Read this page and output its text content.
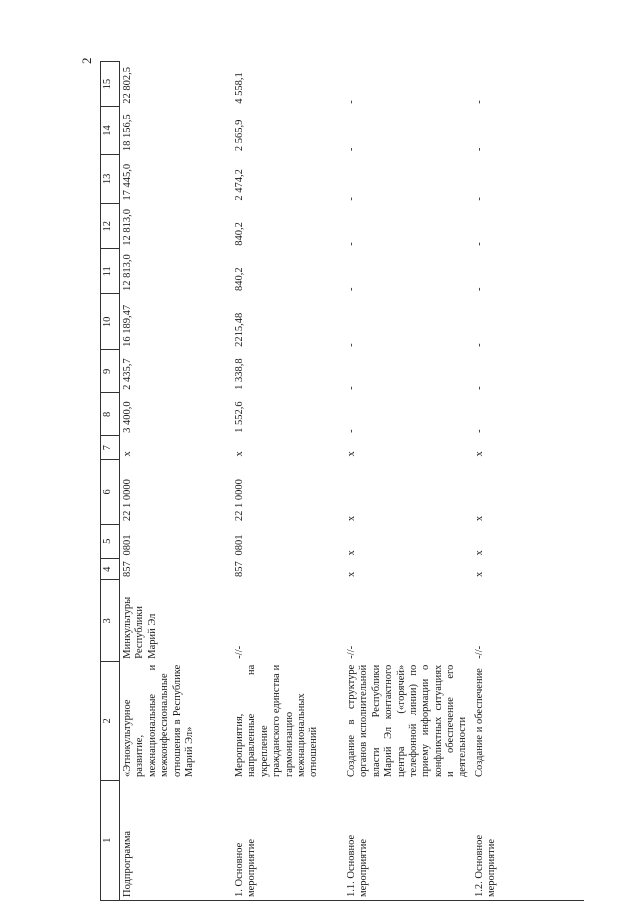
2
1	2	3	4	5	6	7	8	9	10	11	12	13	14	15
Подпрограмма	«Этнокультурное развитие, межнациональные и межконфессиональные отношения в Республике Марий Эл»	Минкультуры Республики Марий Эл	857	0801	22 1 0000	х	3 400,0	2 435,7	16 189,47	12 813,0	12 813,0	17 445,0	18 156,5	22 802,5
1. Основное мероприятие	Мероприятия, направленные на укрепление гражданского единства и гармонизацию межнациональных отношений	-//-	857	0801	22 1 0000	х	1 552,6	1 338,8	2215,48	840,2	840,2	2 474,2	2 565,9	4 558,1
1.1. Основное мероприятие	Создание в структуре органов исполнительной власти Республики Марий Эл контактного центра («горячей» телефонной линии) по приему информации о конфликтных ситуациях и обеспечение его деятельности	-//-	х	х	х	х	-	-	-	-	-	-	-	-
1.2. Основное мероприятие	Создание и обеспечение	-//-	х	х	х	х	-	-	-	-	-	-	-	-
